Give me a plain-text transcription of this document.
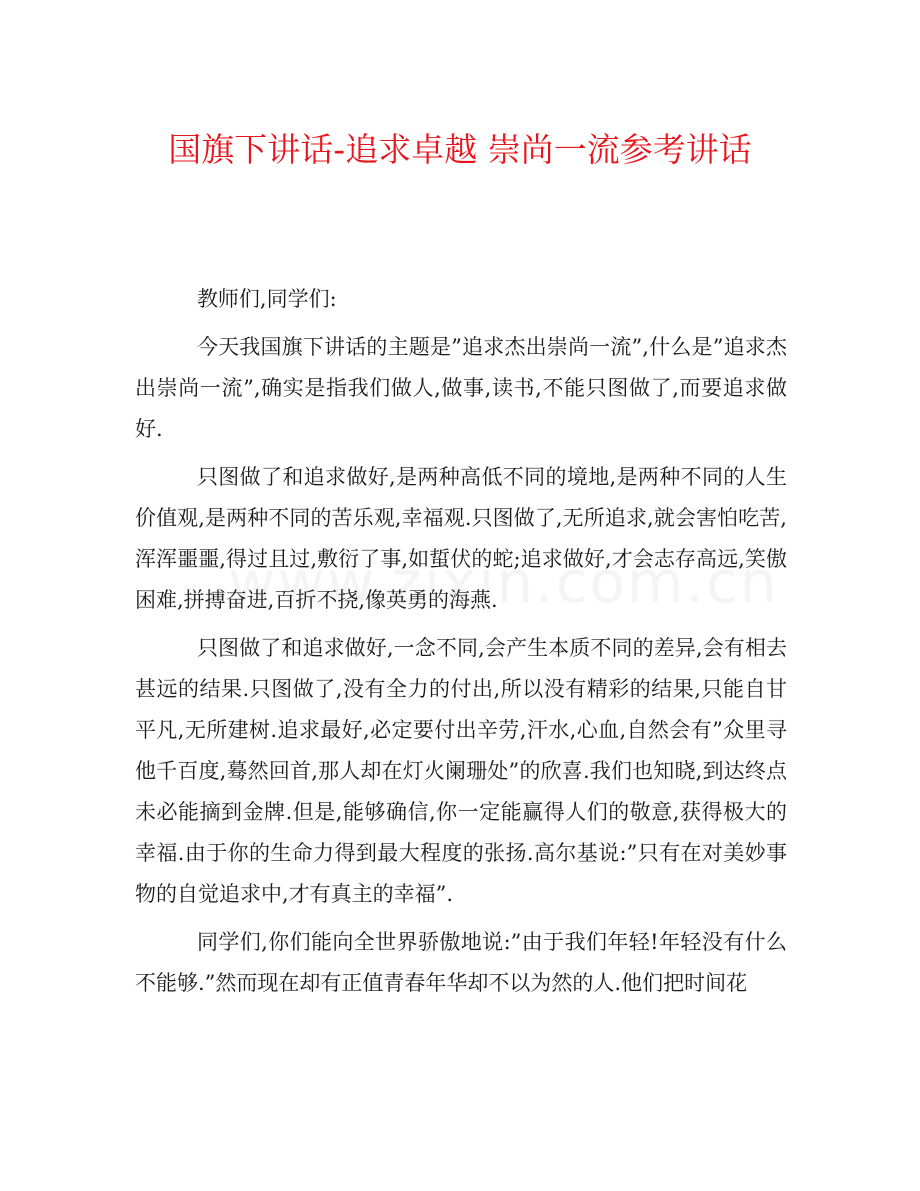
国旗下讲话-追求卓越 崇尚一流参考讲话

教师们,同学们:

今天我国旗下讲话的主题是”追求杰出崇尚一流”,什么是”追求杰出崇尚一流”,确实是指我们做人,做事,读书,不能只图做了,而要追求做好.

只图做了和追求做好,是两种高低不同的境地,是两种不同的人生价值观,是两种不同的苦乐观,幸福观.只图做了,无所追求,就会害怕吃苦,浑浑噩噩,得过且过,敷衍了事,如蜇伏的蛇;追求做好,才会志存高远,笑傲困难,拼搏奋进,百折不挠,像英勇的海燕.

只图做了和追求做好,一念不同,会产生本质不同的差异,会有相去甚远的结果.只图做了,没有全力的付出,所以没有精彩的结果,只能自甘平凡,无所建树.追求最好,必定要付出辛劳,汗水,心血,自然会有”众里寻他千百度,蓦然回首,那人却在灯火阑珊处”的欣喜.我们也知晓,到达终点未必能摘到金牌.但是,能够确信,你一定能赢得人们的敬意,获得极大的幸福.由于你的生命力得到最大程度的张扬.高尔基说:”只有在对美妙事物的自觉追求中,才有真主的幸福”.

同学们,你们能向全世界骄傲地说:”由于我们年轻!年轻没有什么不能够.”然而现在却有正值青春年华却不以为然的人.他们把时间花
